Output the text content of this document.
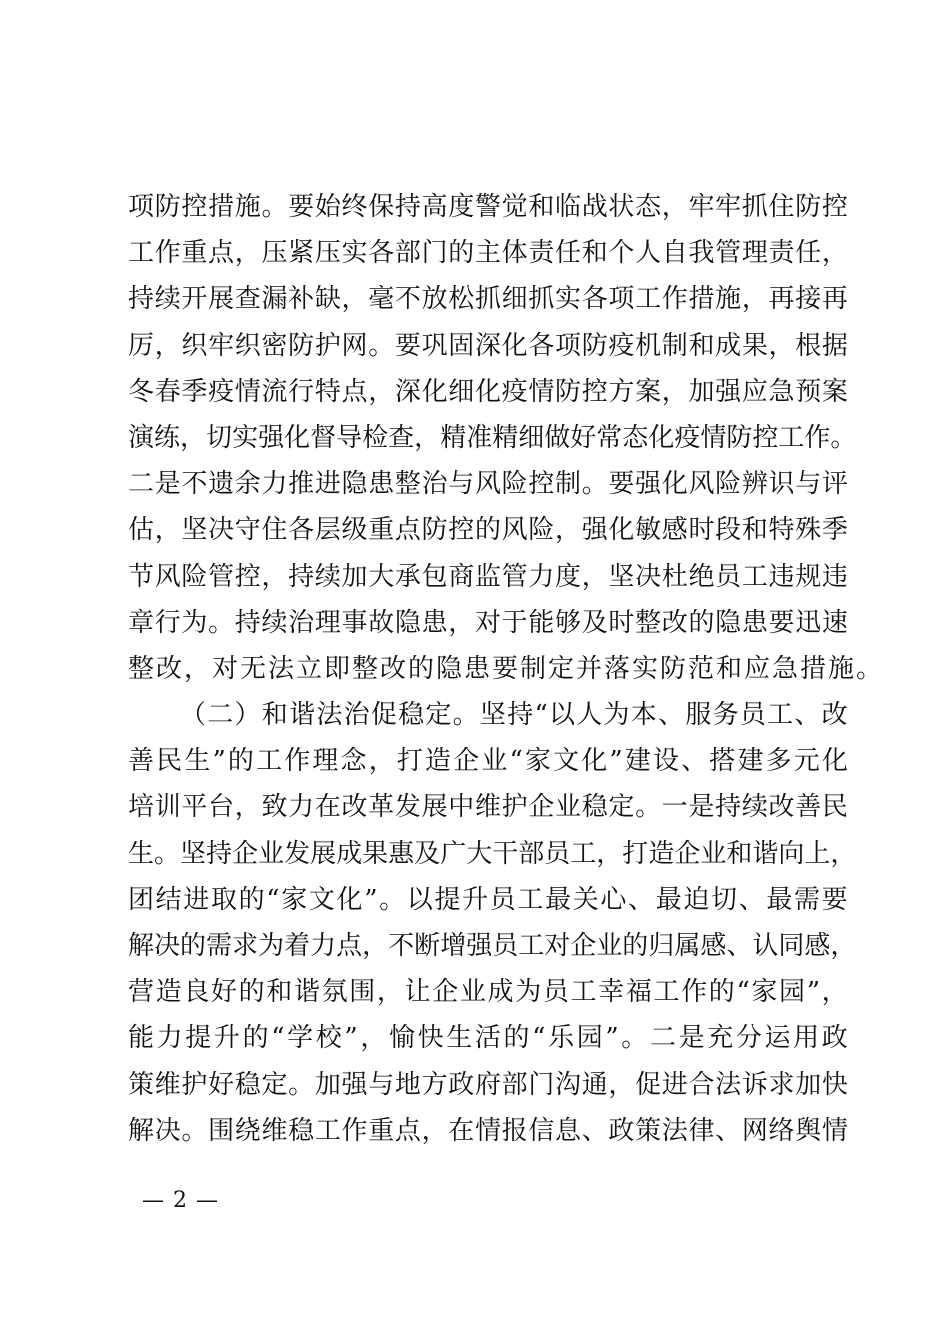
项 防 控 措 施 。 要 始 终 保 持 高 度 警 觉 和 临 战 状 态 ， 牢 牢 抓 住 防 控
工 作 重 点 ， 压 紧 压 实 各 部 门 的 主 体 责 任 和 个 人 自 我 管 理 责 任 ，
持 续 开 展 查 漏 补 缺 ， 毫 不 放 松 抓 细 抓 实 各 项 工 作 措 施 ， 再 接 再
厉 ， 织 牢 织 密 防 护 网 。 要 巩 固 深 化 各 项 防 疫 机 制 和 成 果 ， 根 据
冬 春 季 疫 情 流 行 特 点 ， 深 化 细 化 疫 情 防 控 方 案 ， 加 强 应 急 预 案
演 练 ， 切 实 强 化 督 导 检 查 ， 精 准 精 细 做 好 常 态 化 疫 情 防 控 工 作 。
二 是 不 遗 余 力 推 进 隐 患 整 治 与 风 险 控 制 。 要 强 化 风 险 辨 识 与 评
估 ， 坚 决 守 住 各 层 级 重 点 防 控 的 风 险 ， 强 化 敏 感 时 段 和 特 殊 季
节 风 险 管 控 ， 持 续 加 大 承 包 商 监 管 力 度 ， 坚 决 杜 绝 员 工 违 规 违
章 行 为 。 持 续 治 理 事 故 隐 患 ， 对 于 能 够 及 时 整 改 的 隐 患 要 迅 速
整改，对无法立即整改的隐患要制定并落实防范和应急措施。
（ 二 ） 和 谐 法 治 促 稳 定 。 坚 持 “ 以 人 为 本 、 服 务 员 工 、 改
善 民 生 ” 的 工 作 理 念 ， 打 造 企 业 “ 家 文 化 ” 建 设 、 搭 建 多 元 化
培 训 平 台 ， 致 力 在 改 革 发 展 中 维 护 企 业 稳 定 。 一 是 持 续 改 善 民
生 。 坚 持 企 业 发 展 成 果 惠 及 广 大 干 部 员 工 ， 打 造 企 业 和 谐 向 上 ，
团 结 进 取 的 “ 家 文 化 ” 。 以 提 升 员 工 最 关 心 、 最 迫 切 、 最 需 要
解 决 的 需 求 为 着 力 点 ， 不 断 增 强 员 工 对 企 业 的 归 属 感 、 认 同 感 ，
营 造 良 好 的 和 谐 氛 围 ， 让 企 业 成 为 员 工 幸 福 工 作 的 “ 家 园 ” ，
能 力 提 升 的 “ 学 校 ” ， 愉 快 生 活 的 “ 乐 园 ” 。 二 是 充 分 运 用 政
策 维 护 好 稳 定 。 加 强 与 地 方 政 府 部 门 沟 通 ， 促 进 合 法 诉 求 加 快
解 决 。 围 绕 维 稳 工 作 重 点 ， 在 情 报 信 息 、 政 策 法 律 、 网 络 舆 情
— 2 —
